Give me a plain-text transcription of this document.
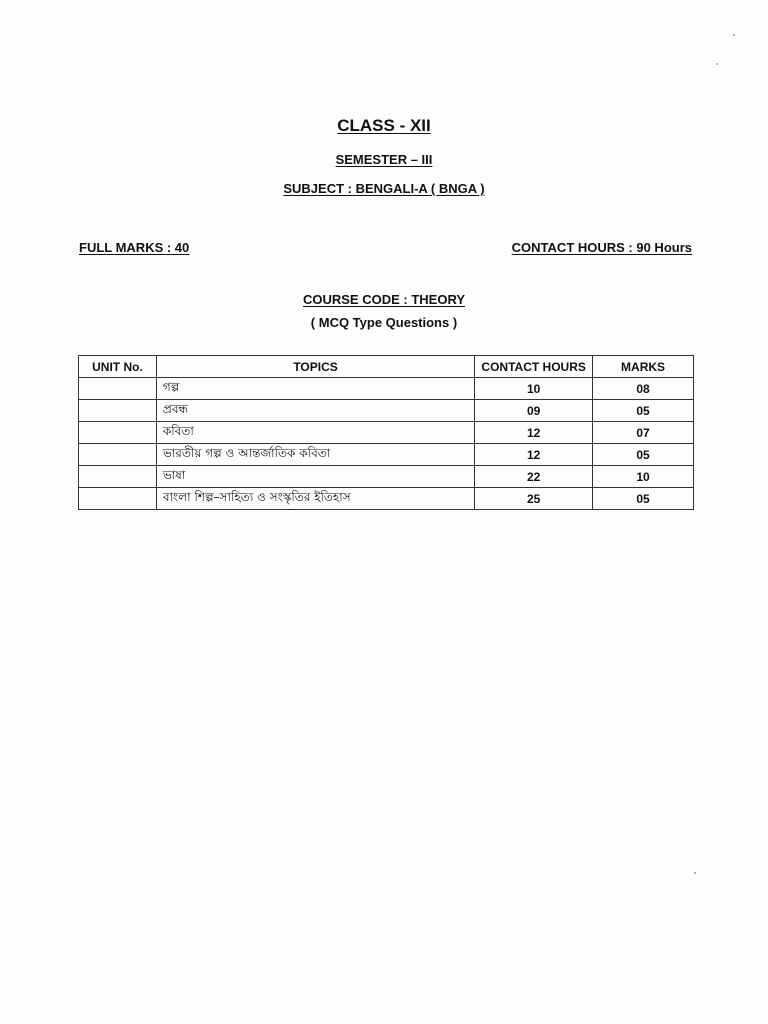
CLASS - XII
SEMESTER – III
SUBJECT : BENGALI-A ( BNGA )
FULL MARKS : 40	CONTACT HOURS : 90 Hours
COURSE CODE : THEORY
( MCQ Type Questions )
UNIT No.	TOPICS	CONTACT HOURS	MARKS
	গল্প	10	08
	প্রবন্ধ	09	05
	কবিতা	12	07
	ভারতীয় গল্প ও আন্তর্জাতিক কবিতা	12	05
	ভাষা	22	10
	বাংলা শিল্প–সাহিত্য ও সংস্কৃতির ইতিহাস	25	05
